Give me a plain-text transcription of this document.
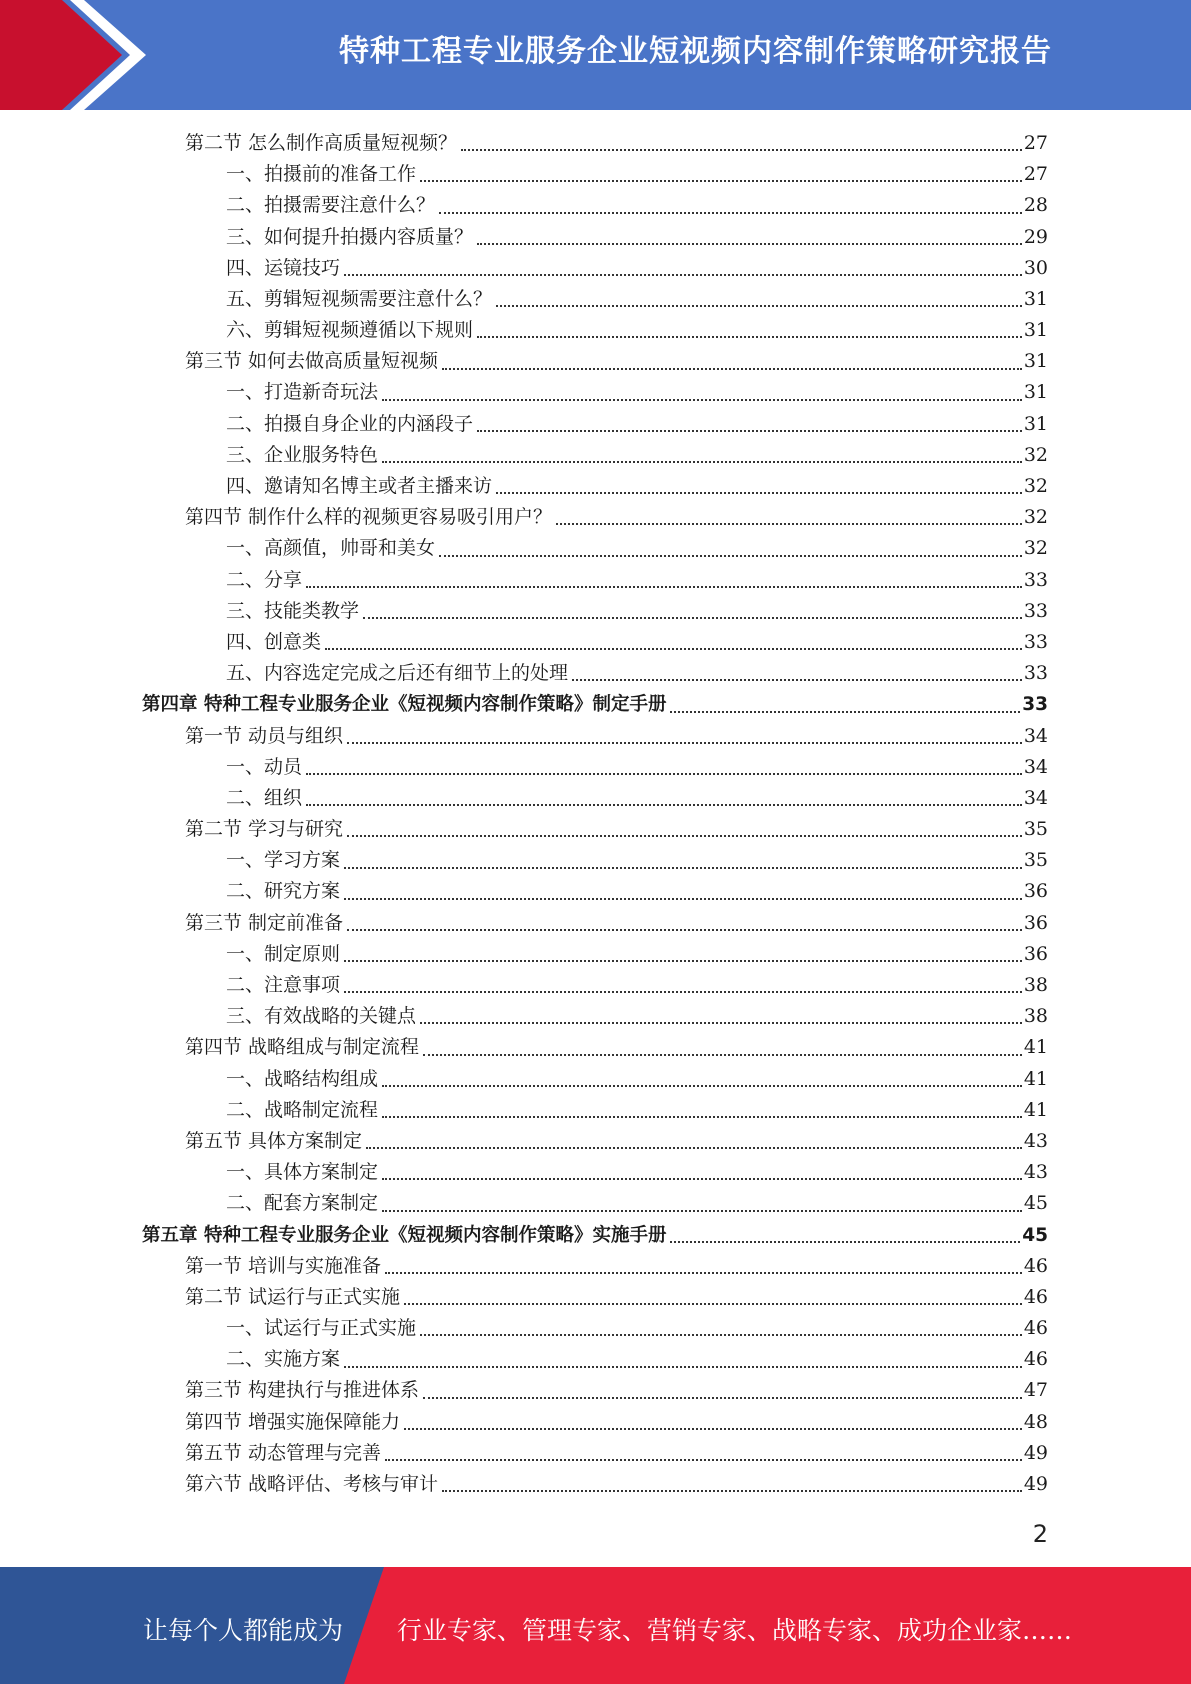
特种工程专业服务企业短视频内容制作策略研究报告
第二节 怎么制作高质量短视频？	27
一、拍摄前的准备工作	27
二、拍摄需要注意什么？	28
三、如何提升拍摄内容质量？	29
四、运镜技巧	30
五、剪辑短视频需要注意什么？	31
六、剪辑短视频遵循以下规则	31
第三节 如何去做高质量短视频	31
一、打造新奇玩法	31
二、拍摄自身企业的内涵段子	31
三、企业服务特色	32
四、邀请知名博主或者主播来访	32
第四节 制作什么样的视频更容易吸引用户？	32
一、高颜值，帅哥和美女	32
二、分享	33
三、技能类教学	33
四、创意类	33
五、内容选定完成之后还有细节上的处理	33
第四章 特种工程专业服务企业《短视频内容制作策略》制定手册	33
第一节 动员与组织	34
一、动员	34
二、组织	34
第二节 学习与研究	35
一、学习方案	35
二、研究方案	36
第三节 制定前准备	36
一、制定原则	36
二、注意事项	38
三、有效战略的关键点	38
第四节 战略组成与制定流程	41
一、战略结构组成	41
二、战略制定流程	41
第五节 具体方案制定	43
一、具体方案制定	43
二、配套方案制定	45
第五章 特种工程专业服务企业《短视频内容制作策略》实施手册	45
第一节 培训与实施准备	46
第二节 试运行与正式实施	46
一、试运行与正式实施	46
二、实施方案	46
第三节 构建执行与推进体系	47
第四节 增强实施保障能力	48
第五节 动态管理与完善	49
第六节 战略评估、考核与审计	49
2
让每个人都能成为 行业专家、管理专家、营销专家、战略专家、成功企业家……
